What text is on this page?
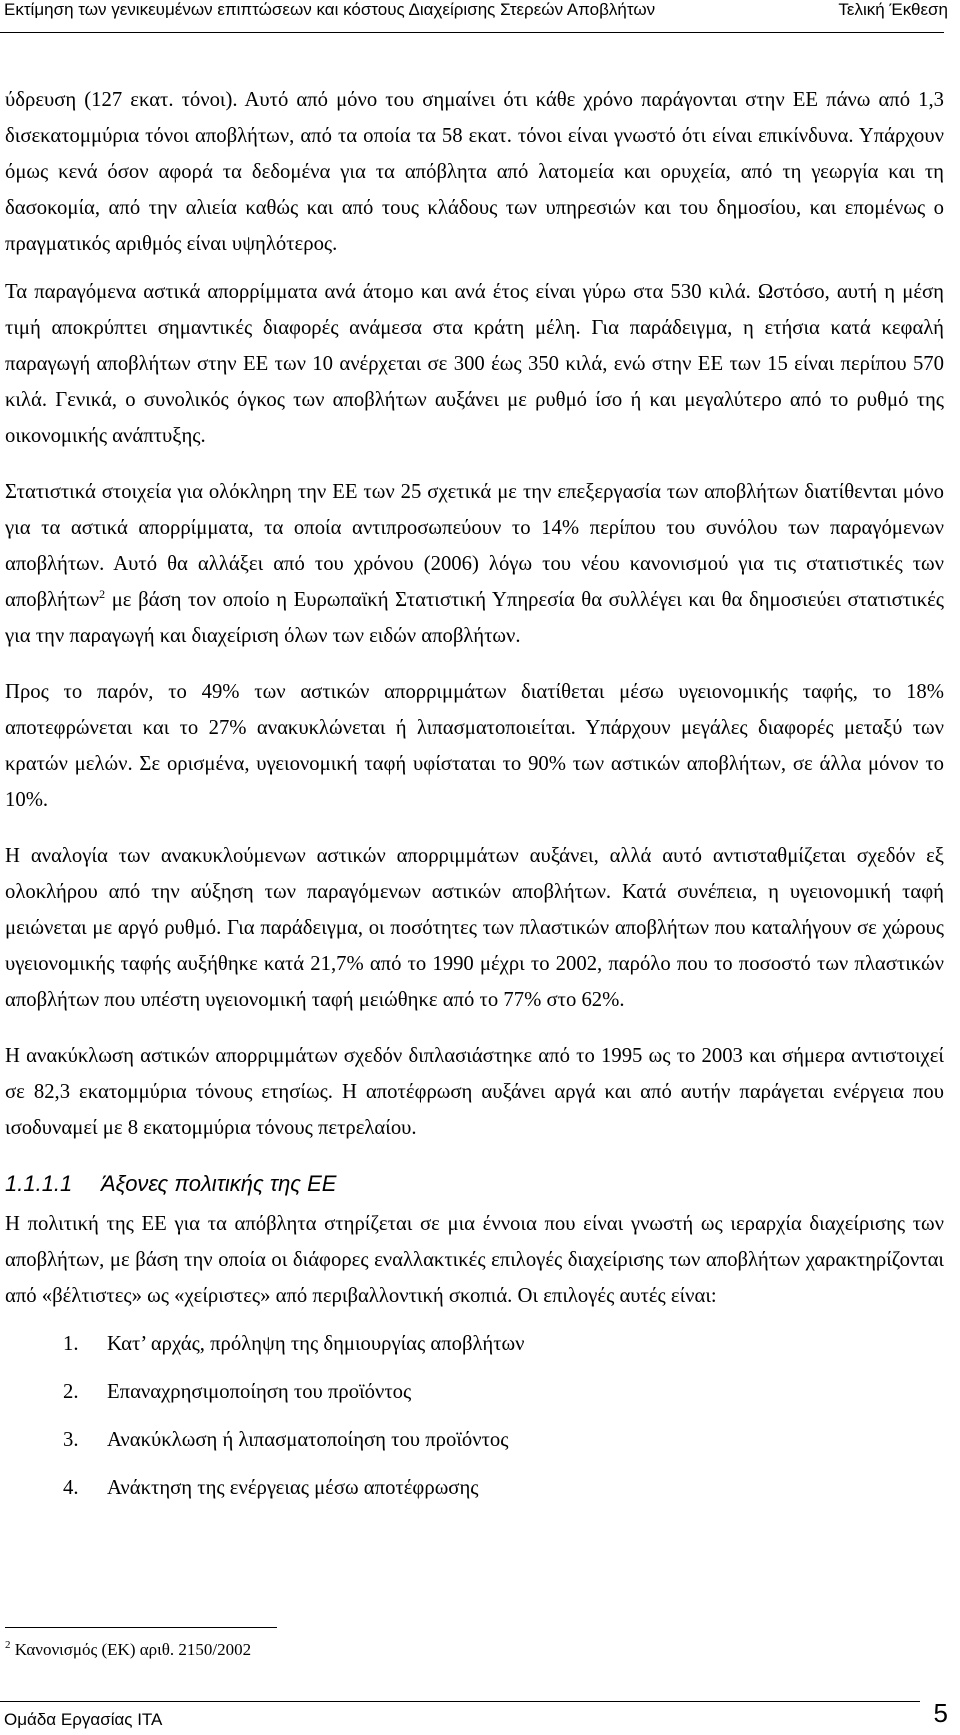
Εκτίμηση των γενικευμένων επιπτώσεων και κόστους Διαχείρισης Στερεών Αποβλήτων	Τελική Έκθεση

ύδρευση (127 εκατ. τόνοι). Αυτό από μόνο του σημαίνει ότι κάθε χρόνο παράγονται στην ΕΕ πάνω από 1,3 δισεκατομμύρια τόνοι αποβλήτων, από τα οποία τα 58 εκατ. τόνοι είναι γνωστό ότι είναι επικίνδυνα. Υπάρχουν όμως κενά όσον αφορά τα δεδομένα για τα απόβλητα από λατομεία και ορυχεία, από τη γεωργία και τη δασοκομία, από την αλιεία καθώς και από τους κλάδους των υπηρεσιών και του δημοσίου, και επομένως ο πραγματικός αριθμός είναι υψηλότερος.

Τα παραγόμενα αστικά απορρίμματα ανά άτομο και ανά έτος είναι γύρω στα 530 κιλά. Ωστόσο, αυτή η μέση τιμή αποκρύπτει σημαντικές διαφορές ανάμεσα στα κράτη μέλη. Για παράδειγμα, η ετήσια κατά κεφαλή παραγωγή αποβλήτων στην ΕΕ των 10 ανέρχεται σε 300 έως 350 κιλά, ενώ στην ΕΕ των 15 είναι περίπου 570 κιλά. Γενικά, ο συνολικός όγκος των αποβλήτων αυξάνει με ρυθμό ίσο ή και μεγαλύτερο από το ρυθμό της οικονομικής ανάπτυξης.

Στατιστικά στοιχεία για ολόκληρη την ΕΕ των 25 σχετικά με την επεξεργασία των αποβλήτων διατίθενται μόνο για τα αστικά απορρίμματα, τα οποία αντιπροσωπεύουν το 14% περίπου του συνόλου των παραγόμενων αποβλήτων. Αυτό θα αλλάξει από του χρόνου (2006) λόγω του νέου κανονισμού για τις στατιστικές των αποβλήτων$^2$ με βάση τον οποίο η Ευρωπαϊκή Στατιστική Υπηρεσία θα συλλέγει και θα δημοσιεύει στατιστικές για την παραγωγή και διαχείριση όλων των ειδών αποβλήτων.

Προς το παρόν, το 49% των αστικών απορριμμάτων διατίθεται μέσω υγειονομικής ταφής, το 18% αποτεφρώνεται και το 27% ανακυκλώνεται ή λιπασματοποιείται. Υπάρχουν μεγάλες διαφορές μεταξύ των κρατών μελών. Σε ορισμένα, υγειονομική ταφή υφίσταται το 90% των αστικών αποβλήτων, σε άλλα μόνον το 10%.

Η αναλογία των ανακυκλούμενων αστικών απορριμμάτων αυξάνει, αλλά αυτό αντισταθμίζεται σχεδόν εξ ολοκλήρου από την αύξηση των παραγόμενων αστικών αποβλήτων. Κατά συνέπεια, η υγειονομική ταφή μειώνεται με αργό ρυθμό. Για παράδειγμα, οι ποσότητες των πλαστικών αποβλήτων που καταλήγουν σε χώρους υγειονομικής ταφής αυξήθηκε κατά 21,7% από το 1990 μέχρι το 2002, παρόλο που το ποσοστό των πλαστικών αποβλήτων που υπέστη υγειονομική ταφή μειώθηκε από το 77% στο 62%.

Η ανακύκλωση αστικών απορριμμάτων σχεδόν διπλασιάστηκε από το 1995 ως το 2003 και σήμερα αντιστοιχεί σε 82,3 εκατομμύρια τόνους ετησίως. Η αποτέφρωση αυξάνει αργά και από αυτήν παράγεται ενέργεια που ισοδυναμεί με 8 εκατομμύρια τόνους πετρελαίου.

1.1.1.1 Άξονες πολιτικής της ΕΕ

Η πολιτική της ΕΕ για τα απόβλητα στηρίζεται σε μια έννοια που είναι γνωστή ως ιεραρχία διαχείρισης των αποβλήτων, με βάση την οποία οι διάφορες εναλλακτικές επιλογές διαχείρισης των αποβλήτων χαρακτηρίζονται από «βέλτιστες» ως «χείριστες» από περιβαλλοντική σκοπιά. Οι επιλογές αυτές είναι:

1. Κατ’ αρχάς, πρόληψη της δημιουργίας αποβλήτων
2. Επαναχρησιμοποίηση του προϊόντος
3. Ανακύκλωση ή λιπασματοποίηση του προϊόντος
4. Ανάκτηση της ενέργειας μέσω αποτέφρωσης
$^2$ Κανονισμός (ΕΚ) αριθ. 2150/2002
Ομάδα Εργασίας ΙΤΑ	5
